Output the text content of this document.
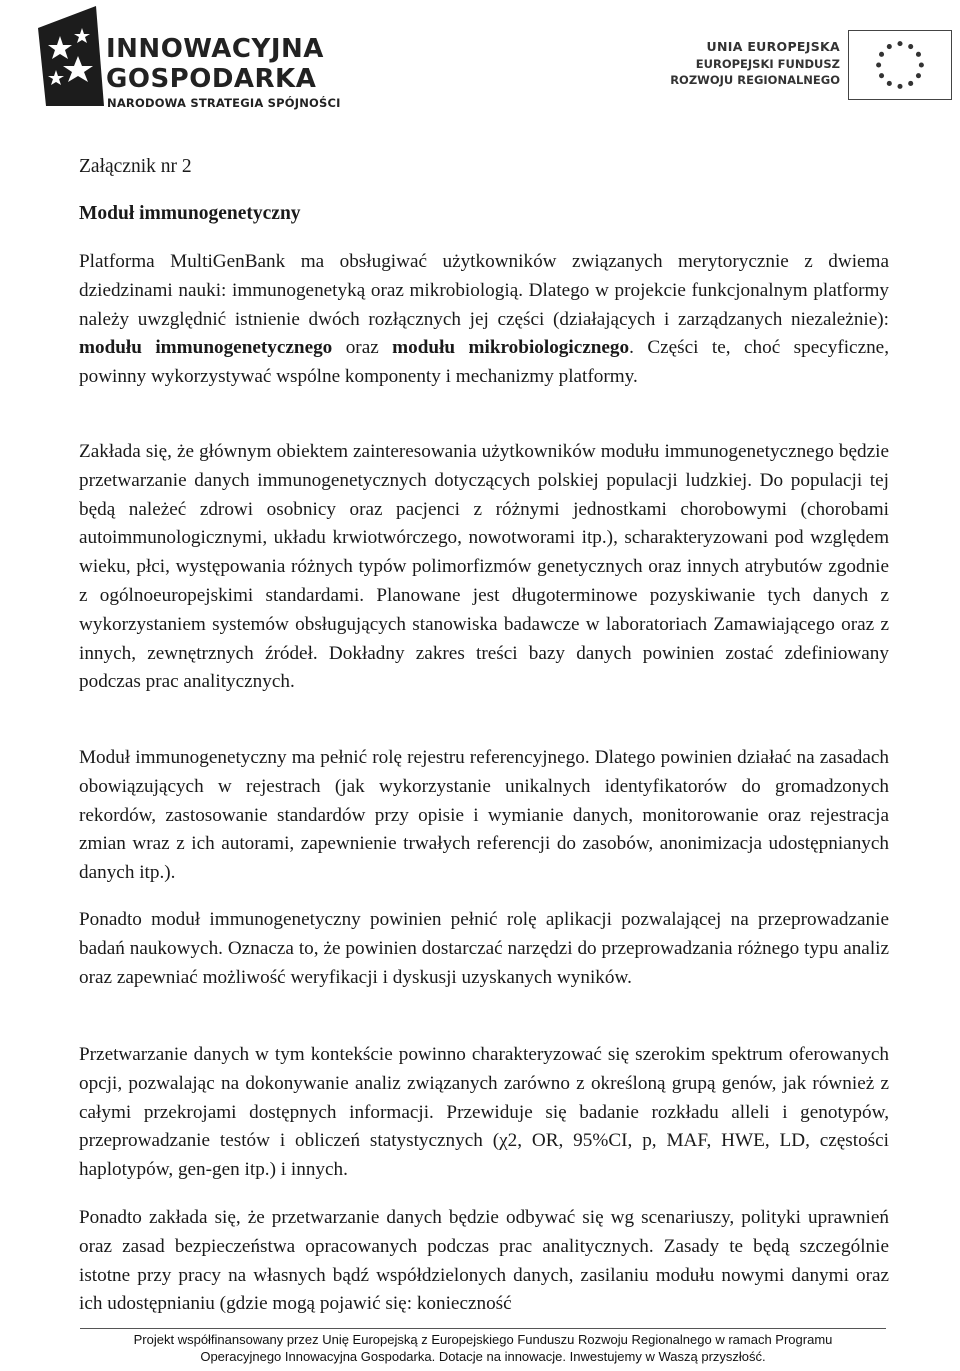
INNOWACYJNA
GOSPODARKA
NARODOWA STRATEGIA SPÓJNOŚCI
UNIA EUROPEJSKA
EUROPEJSKI FUNDUSZ
ROZWOJU REGIONALNEGO
Załącznik nr 2
Moduł immunogenetyczny
Platforma MultiGenBank ma obsługiwać użytkowników związanych merytorycznie z dwiema dziedzinami nauki: immunogenetyką oraz mikrobiologią. Dlatego w projekcie funkcjonalnym platformy należy uwzględnić istnienie dwóch rozłącznych jej części (działających i zarządzanych niezależnie): modułu immunogenetycznego oraz modułu mikrobiologicznego. Części te, choć specyficzne, powinny wykorzystywać wspólne komponenty i mechanizmy platformy.
Zakłada się, że głównym obiektem zainteresowania użytkowników modułu immunogenetycznego będzie przetwarzanie danych immunogenetycznych dotyczących polskiej populacji ludzkiej. Do populacji tej będą należeć zdrowi osobnicy oraz pacjenci z różnymi jednostkami chorobowymi (chorobami autoimmunologicznymi, układu krwiotwórczego, nowotworami itp.), scharakteryzowani pod względem wieku, płci, występowania różnych typów polimorfizmów genetycznych oraz innych atrybutów zgodnie z ogólnoeuropejskimi standardami. Planowane jest długoterminowe pozyskiwanie tych danych z wykorzystaniem systemów obsługujących stanowiska badawcze w laboratoriach Zamawiającego oraz z innych, zewnętrznych źródeł. Dokładny zakres treści bazy danych powinien zostać zdefiniowany podczas prac analitycznych.
Moduł immunogenetyczny ma pełnić rolę rejestru referencyjnego. Dlatego powinien działać na zasadach obowiązujących w rejestrach (jak wykorzystanie unikalnych identyfikatorów do gromadzonych rekordów, zastosowanie standardów przy opisie i wymianie danych, monitorowanie oraz rejestracja zmian wraz z ich autorami, zapewnienie trwałych referencji do zasobów, anonimizacja udostępnianych danych itp.).
Ponadto moduł immunogenetyczny powinien pełnić rolę aplikacji pozwalającej na przeprowadzanie badań naukowych. Oznacza to, że powinien dostarczać narzędzi do przeprowadzania różnego typu analiz oraz zapewniać możliwość weryfikacji i dyskusji uzyskanych wyników.
Przetwarzanie danych w tym kontekście powinno charakteryzować się szerokim spektrum oferowanych opcji, pozwalając na dokonywanie analiz związanych zarówno z określoną grupą genów, jak również z całymi przekrojami dostępnych informacji. Przewiduje się badanie rozkładu alleli i genotypów, przeprowadzanie testów i obliczeń statystycznych (χ2, OR, 95%CI, p, MAF, HWE, LD, częstości haplotypów, gen-gen itp.) i innych.
Ponadto zakłada się, że przetwarzanie danych będzie odbywać się wg scenariuszy, polityki uprawnień oraz zasad bezpieczeństwa opracowanych podczas prac analitycznych. Zasady te będą szczególnie istotne przy pracy na własnych bądź współdzielonych danych, zasilaniu modułu nowymi danymi oraz ich udostępnianiu (gdzie mogą pojawić się: konieczność
Projekt współfinansowany przez Unię Europejską z Europejskiego Funduszu Rozwoju Regionalnego w ramach Programu
Operacyjnego Innowacyjna Gospodarka. Dotacje na innowacje. Inwestujemy w Waszą przyszłość.
